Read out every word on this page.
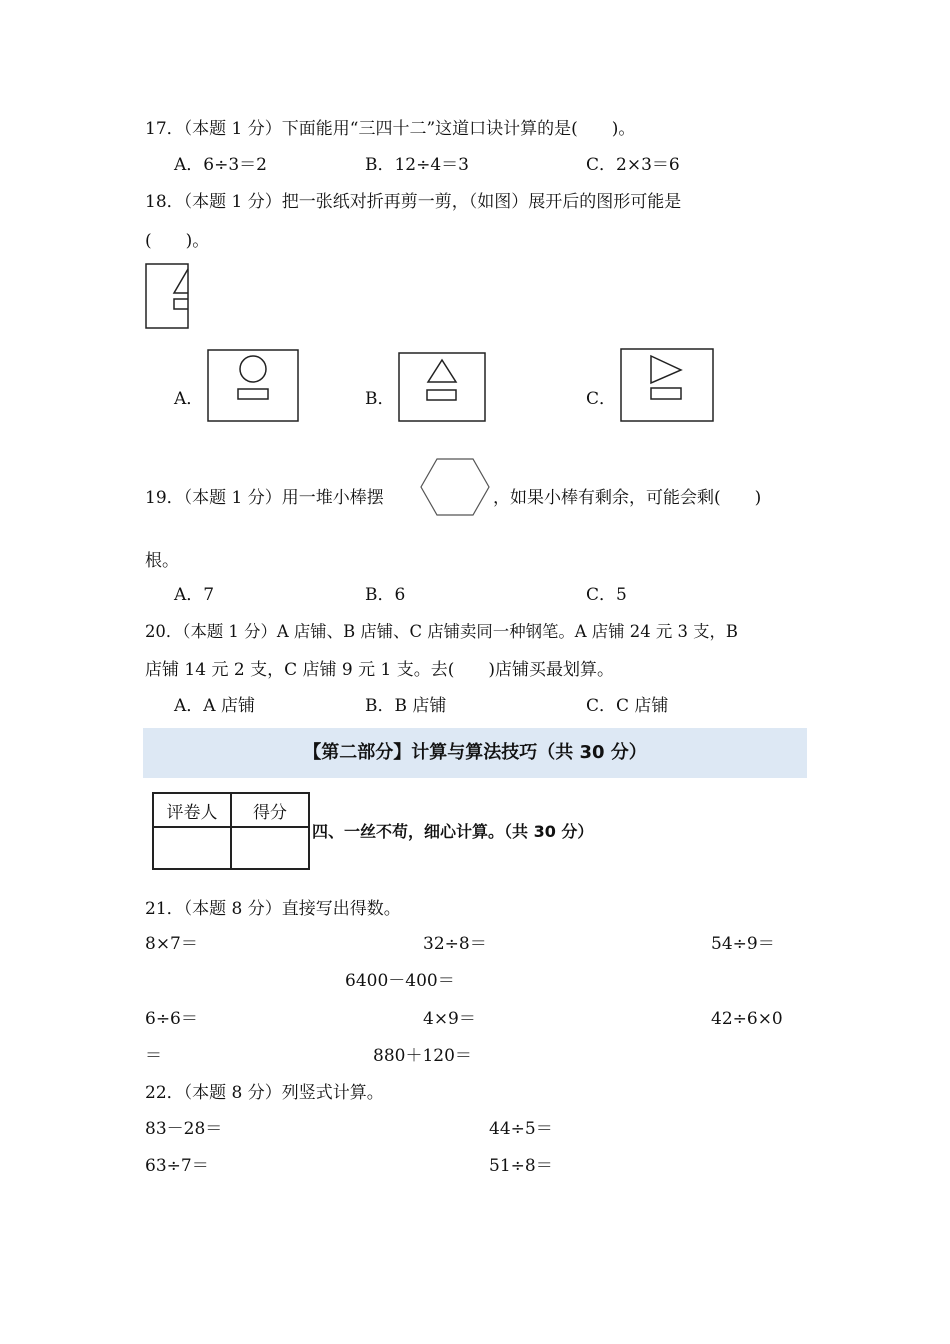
17．（本题 1 分）下面能用“三四十二”这道口诀计算的是(　　)。
A．6÷3＝2	B．12÷4＝3	C．2×3＝6
18．（本题 1 分）把一张纸对折再剪一剪，（如图）展开后的图形可能是
(　　)。
A．	B．	C．
19．（本题 1 分）用一堆小棒摆	，如果小棒有剩余，可能会剩(　　)
根。
A．7	B．6	C．5
20．（本题 1 分）A 店铺、B 店铺、C 店铺卖同一种钢笔。A 店铺 24 元 3 支，B
店铺 14 元 2 支，C 店铺 9 元 1 支。去(　　)店铺买最划算。
A．A 店铺	B．B 店铺	C．C 店铺
【第二部分】计算与算法技巧（共 30 分）
评卷人	得分

四、一丝不苟，细心计算。（共 30 分）
21．（本题 8 分）直接写出得数。
8×7＝	32÷8＝	54÷9＝
6400－400＝
6÷6＝	4×9＝	42÷6×0
＝	880＋120＝
22．（本题 8 分）列竖式计算。
83－28＝	44÷5＝
63÷7＝	51÷8＝
